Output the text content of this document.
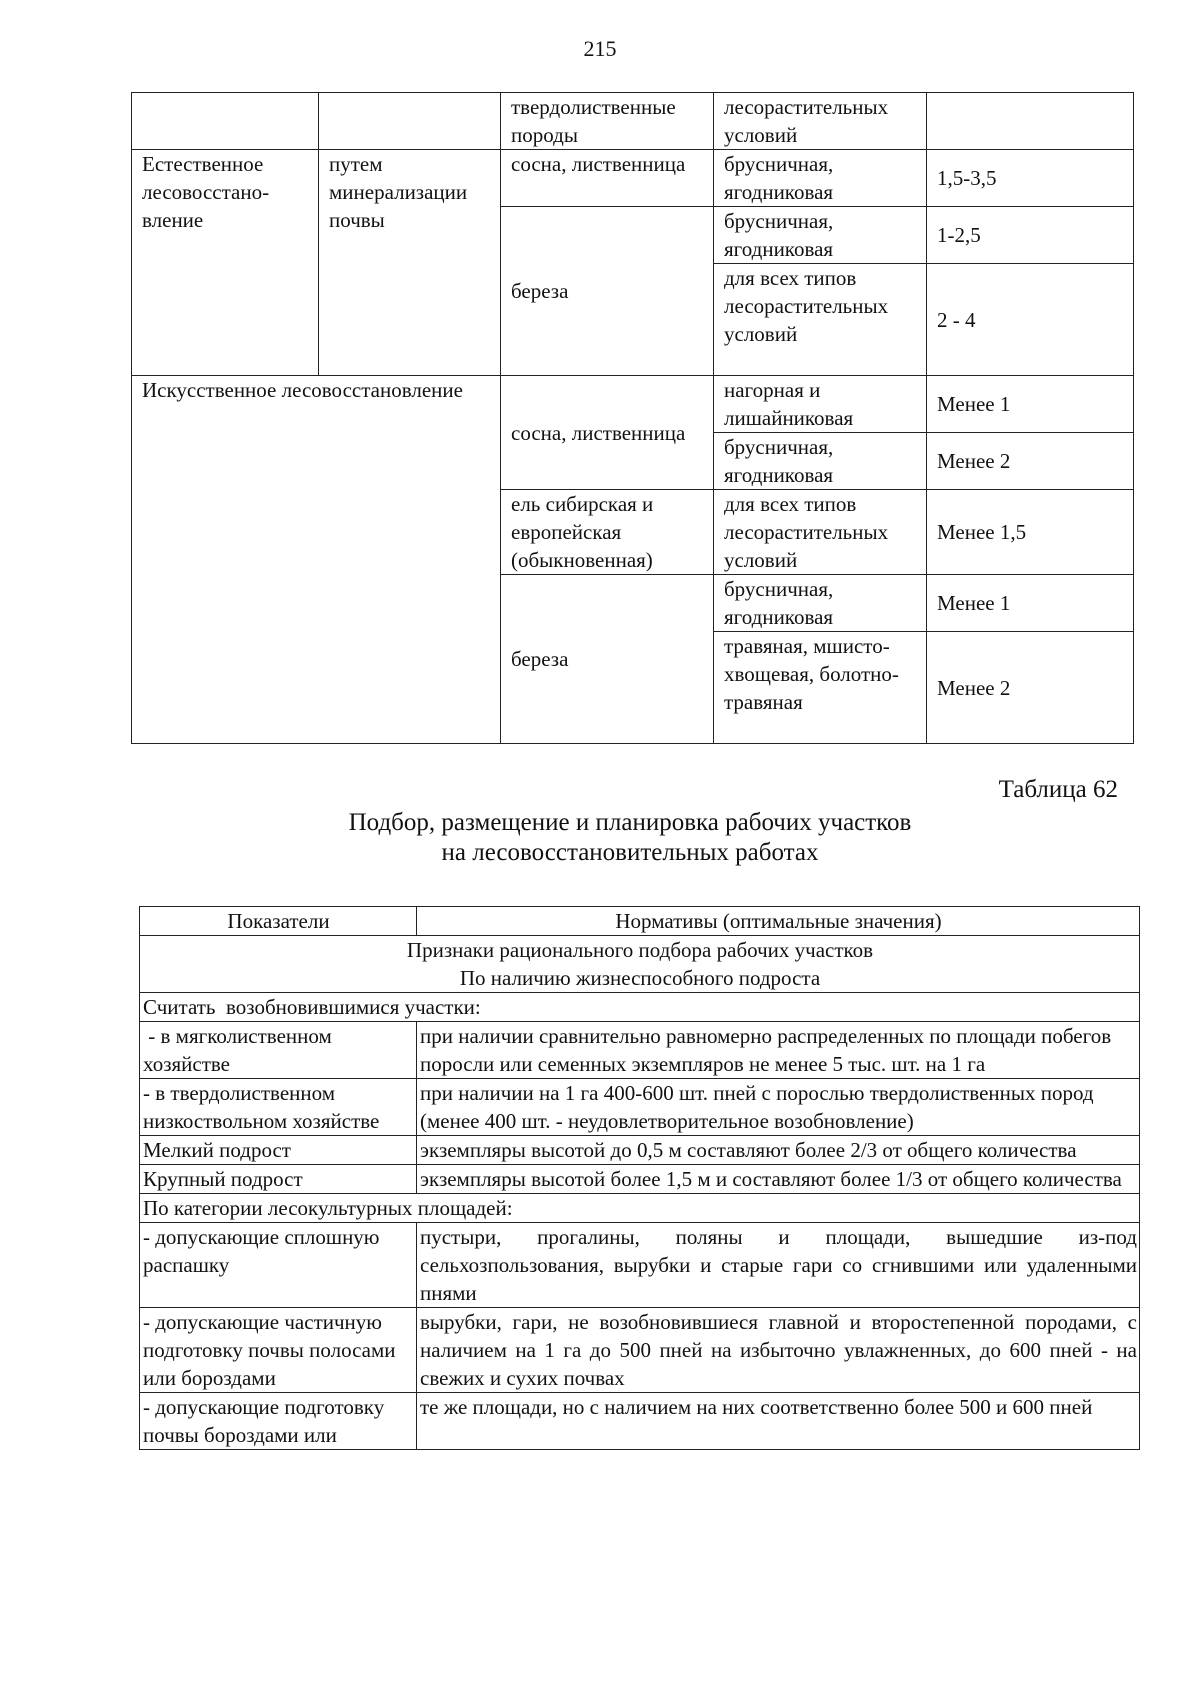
215
		твердолиственные породы	лесорастительных условий	
Естественное лесовосстано-вление	путем минерализации почвы	сосна, лиственница	брусничная, ягодниковая	1,5-3,5
		береза	брусничная, ягодниковая	1-2,5
			для всех типов лесорастительных условий	2 - 4
Искусственное лесовосстановление		сосна, лиственница	нагорная и лишайниковая	Менее 1
			брусничная, ягодниковая	Менее 2
		ель сибирская и европейская (обыкновенная)	для всех типов лесорастительных условий	Менее 1,5
		береза	брусничная, ягодниковая	Менее 1
			травяная, мшисто-хвощевая, болотно-травяная	Менее 2
Таблица 62
Подбор, размещение и планировка рабочих участков
на лесовосстановительных работах
Показатели	Нормативы (оптимальные значения)

Признаки рационального подбора рабочих участков
По наличию жизнеспособного подроста	

Считать  возобновившимися участки:	
- в мягколиственном хозяйстве	при наличии сравнительно равномерно распределенных по площади побегов поросли или семенных экземпляров не менее 5 тыс. шт. на 1 га
- в твердолиственном низкоствольном хозяйстве	при наличии на 1 га 400-600 шт. пней с порослью твердолиственных пород (менее 400 шт. - неудовлетворительное возобновление)
Мелкий подрост	экземпляры высотой до 0,5 м составляют более 2/3 от общего количества
Крупный подрост	экземпляры высотой более 1,5 м и составляют более 1/3 от общего количества
По категории лесокультурных площадей:	
- допускающие сплошную распашку	пустыри, прогалины, поляны и площади, вышедшие из-под сельхозпользования, вырубки и старые гари со сгнившими или удаленными пнями
- допускающие частичную подготовку почвы полосами или бороздами	вырубки, гари, не возобновившиеся главной и второстепенной породами, с наличием на 1 га до 500 пней на избыточно увлажненных, до 600 пней - на свежих и сухих почвах
- допускающие подготовку почвы бороздами или	те же площади, но с наличием на них соответственно более 500 и 600 пней
